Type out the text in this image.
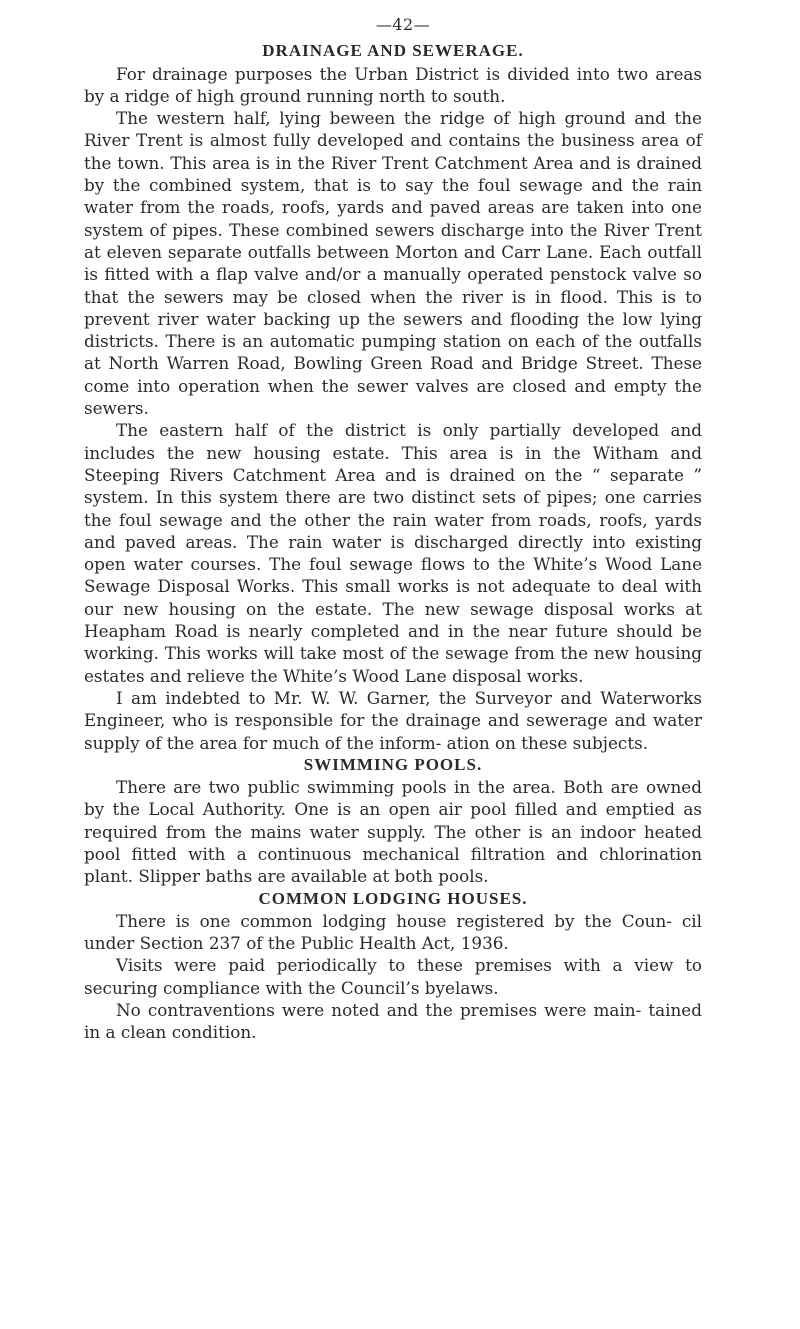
—42—
DRAINAGE AND SEWERAGE.

For drainage purposes the Urban District is divided into two areas by a ridge of high ground running north to south.

The western half, lying beween the ridge of high ground and the River Trent is almost fully developed and contains the business area of the town. This area is in the River Trent Catchment Area and is drained by the combined system, that is to say the foul sewage and the rain water from the roads, roofs, yards and paved areas are taken into one system of pipes. These combined sewers discharge into the River Trent at eleven separate outfalls between Morton and Carr Lane. Each outfall is fitted with a flap valve and/or a manually operated penstock valve so that the sewers may be closed when the river is in flood. This is to prevent river water backing up the sewers and flooding the low lying districts. There is an automatic pumping station on each of the outfalls at North Warren Road, Bowling Green Road and Bridge Street. These come into operation when the sewer valves are closed and empty the sewers.

The eastern half of the district is only partially developed and includes the new housing estate. This area is in the Witham and Steeping Rivers Catchment Area and is drained on the “ separate ” system. In this system there are two distinct sets of pipes; one carries the foul sewage and the other the rain water from roads, roofs, yards and paved areas. The rain water is discharged directly into existing open water courses. The foul sewage flows to the White’s Wood Lane Sewage Disposal Works. This small works is not adequate to deal with our new housing on the estate. The new sewage disposal works at Heapham Road is nearly completed and in the near future should be working. This works will take most of the sewage from the new housing estates and relieve the White’s Wood Lane disposal works.

I am indebted to Mr. W. W. Garner, the Surveyor and Waterworks Engineer, who is responsible for the drainage and sewerage and water supply of the area for much of the inform- ation on these subjects.

SWIMMING POOLS.

There are two public swimming pools in the area. Both are owned by the Local Authority. One is an open air pool filled and emptied as required from the mains water supply. The other is an indoor heated pool fitted with a continuous mechanical filtration and chlorination plant. Slipper baths are available at both pools.

COMMON LODGING HOUSES.

There is one common lodging house registered by the Coun- cil under Section 237 of the Public Health Act, 1936.

Visits were paid periodically to these premises with a view to securing compliance with the Council’s byelaws.

No contraventions were noted and the premises were main- tained in a clean condition.
